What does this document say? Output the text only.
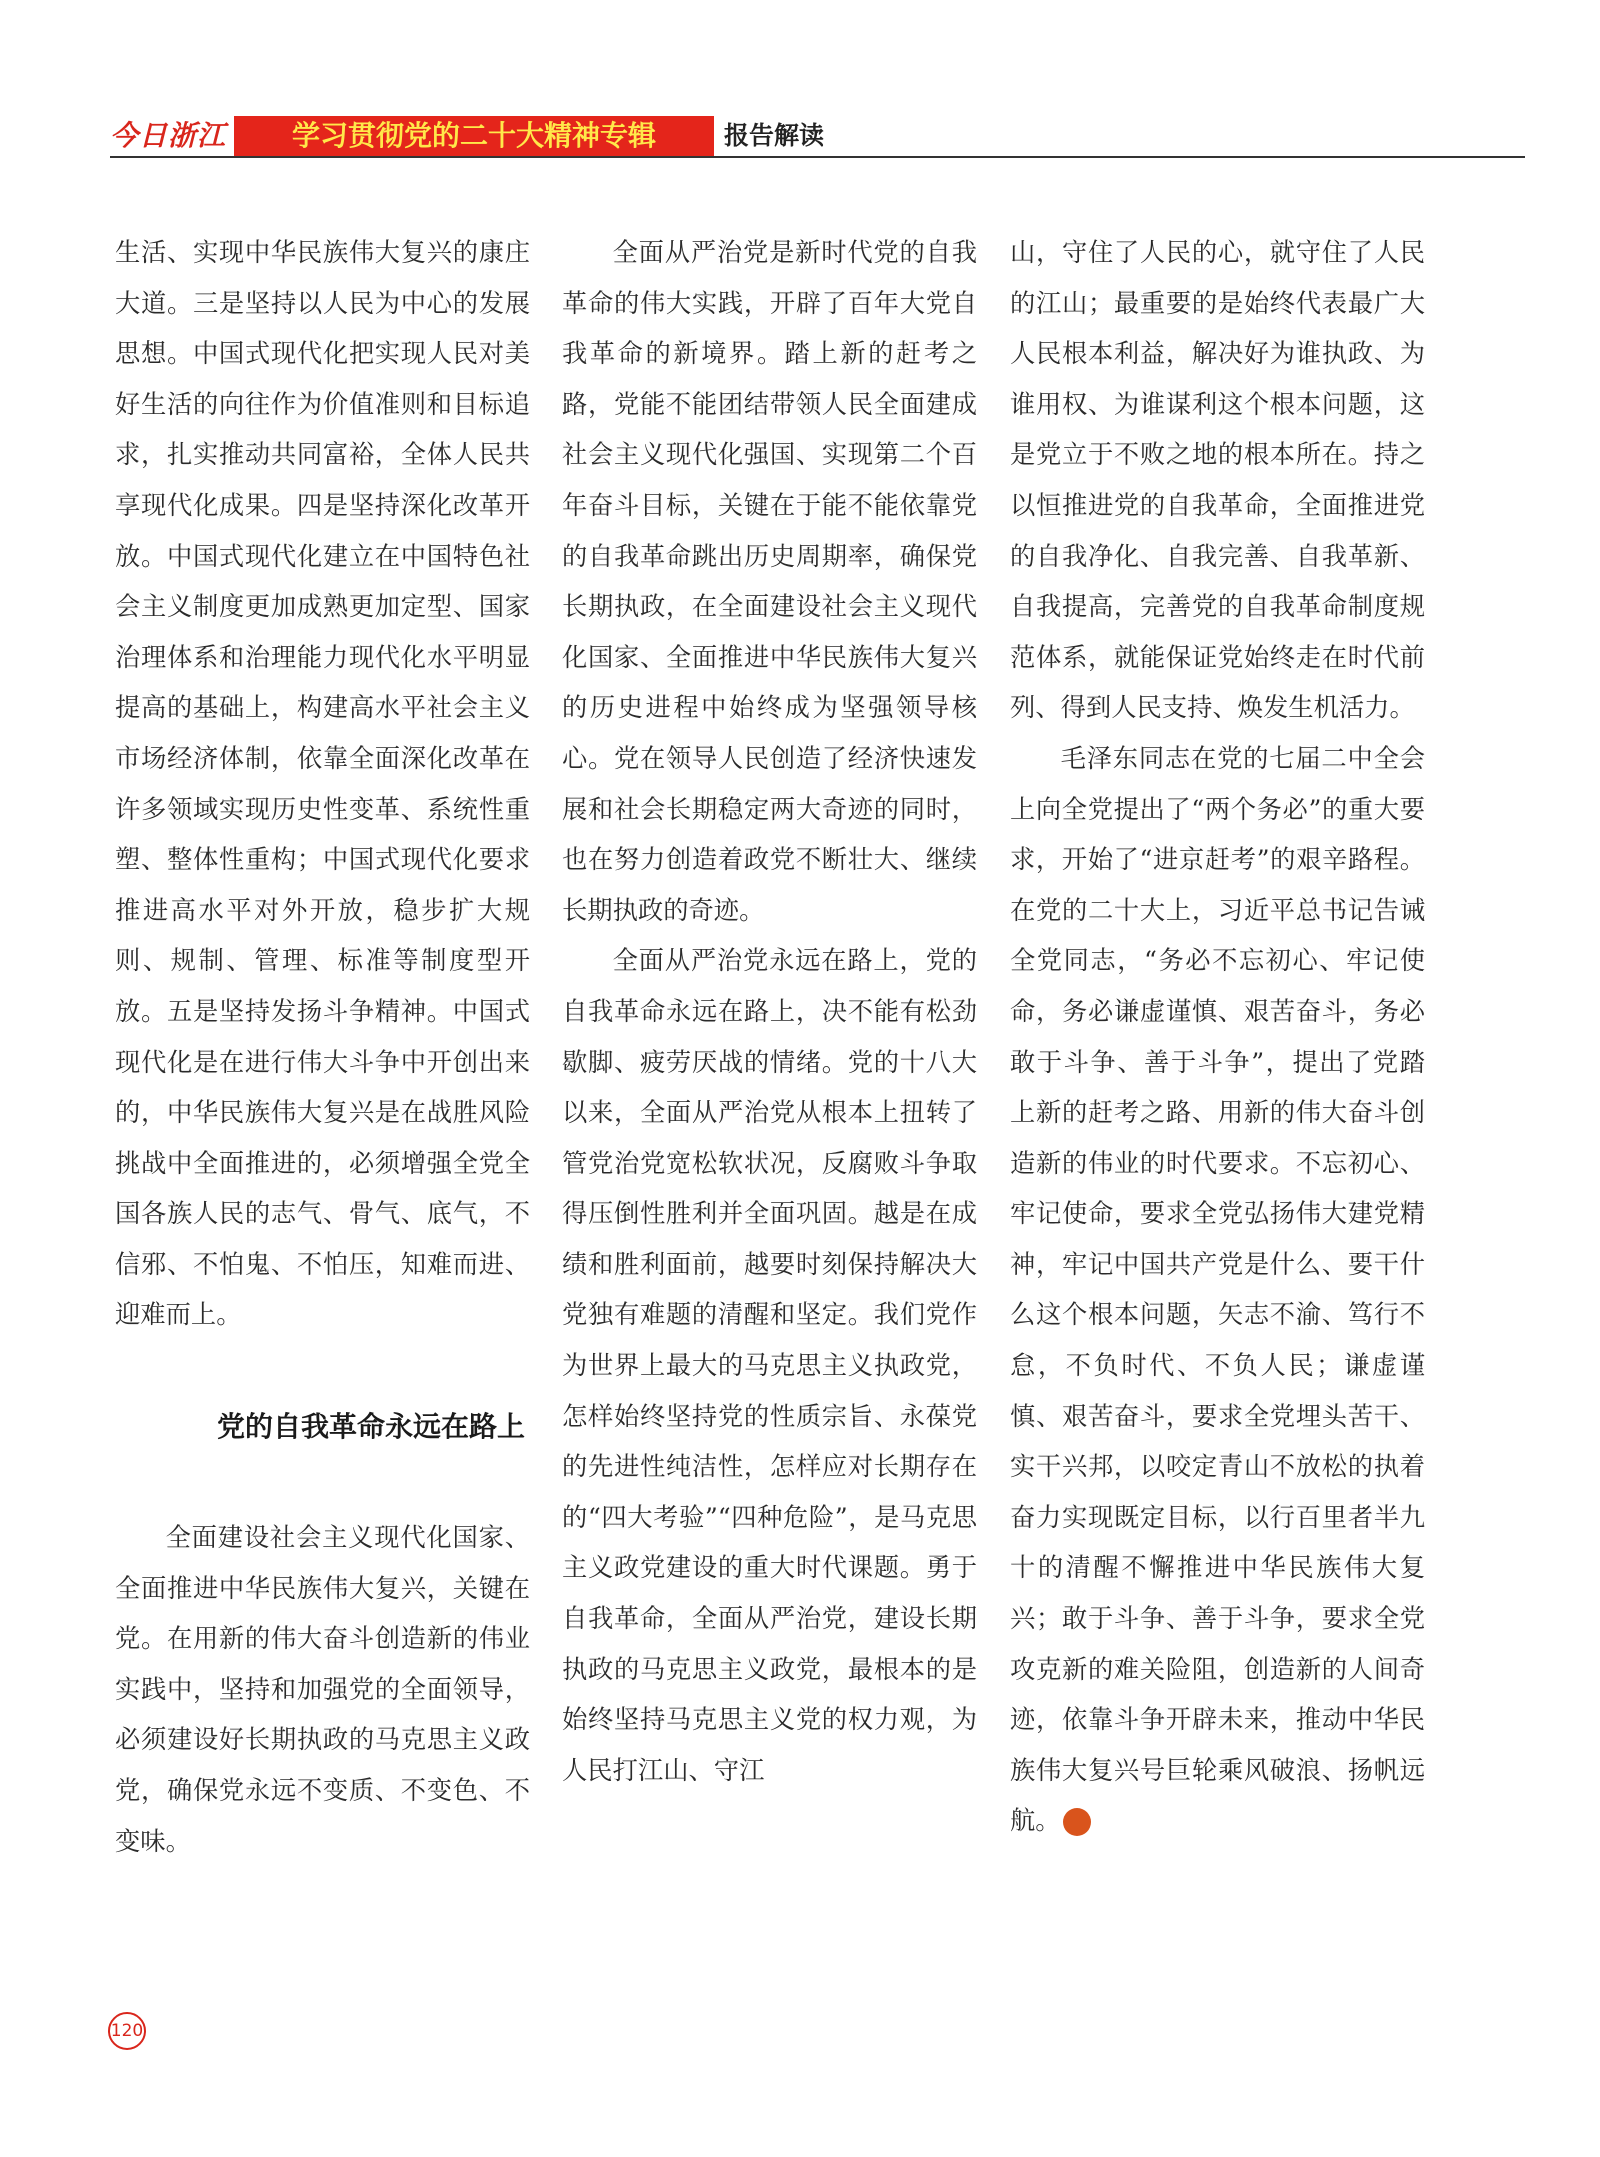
今日浙江	学习贯彻党的二十大精神专辑	报告解读

生活、实现中华民族伟大复兴的康庄大道。三是坚持以人民为中心的发展思想。中国式现代化把实现人民对美好生活的向往作为价值准则和目标追求，扎实推动共同富裕，全体人民共享现代化成果。四是坚持深化改革开放。中国式现代化建立在中国特色社会主义制度更加成熟更加定型、国家治理体系和治理能力现代化水平明显提高的基础上，构建高水平社会主义市场经济体制，依靠全面深化改革在许多领域实现历史性变革、系统性重塑、整体性重构；中国式现代化要求推进高水平对外开放，稳步扩大规则、规制、管理、标准等制度型开放。五是坚持发扬斗争精神。中国式现代化是在进行伟大斗争中开创出来的，中华民族伟大复兴是在战胜风险挑战中全面推进的，必须增强全党全国各族人民的志气、骨气、底气，不信邪、不怕鬼、不怕压，知难而进、迎难而上。

党的自我革命永远在路上

全面建设社会主义现代化国家、全面推进中华民族伟大复兴，关键在党。在用新的伟大奋斗创造新的伟业实践中，坚持和加强党的全面领导，必须建设好长期执政的马克思主义政党，确保党永远不变质、不变色、不变味。

全面从严治党是新时代党的自我革命的伟大实践，开辟了百年大党自我革命的新境界。踏上新的赶考之路，党能不能团结带领人民全面建成社会主义现代化强国、实现第二个百年奋斗目标，关键在于能不能依靠党的自我革命跳出历史周期率，确保党长期执政，在全面建设社会主义现代化国家、全面推进中华民族伟大复兴的历史进程中始终成为坚强领导核心。党在领导人民创造了经济快速发展和社会长期稳定两大奇迹的同时，也在努力创造着政党不断壮大、继续长期执政的奇迹。

全面从严治党永远在路上，党的自我革命永远在路上，决不能有松劲歇脚、疲劳厌战的情绪。党的十八大以来，全面从严治党从根本上扭转了管党治党宽松软状况，反腐败斗争取得压倒性胜利并全面巩固。越是在成绩和胜利面前，越要时刻保持解决大党独有难题的清醒和坚定。我们党作为世界上最大的马克思主义执政党，怎样始终坚持党的性质宗旨、永葆党的先进性纯洁性，怎样应对长期存在的“四大考验”“四种危险”，是马克思主义政党建设的重大时代课题。勇于自我革命，全面从严治党，建设长期执政的马克思主义政党，最根本的是始终坚持马克思主义党的权力观，为人民打江山、守江

山，守住了人民的心，就守住了人民的江山；最重要的是始终代表最广大人民根本利益，解决好为谁执政、为谁用权、为谁谋利这个根本问题，这是党立于不败之地的根本所在。持之以恒推进党的自我革命，全面推进党的自我净化、自我完善、自我革新、自我提高，完善党的自我革命制度规范体系，就能保证党始终走在时代前列、得到人民支持、焕发生机活力。

毛泽东同志在党的七届二中全会上向全党提出了“两个务必”的重大要求，开始了“进京赶考”的艰辛路程。在党的二十大上，习近平总书记告诫全党同志，“务必不忘初心、牢记使命，务必谦虚谨慎、艰苦奋斗，务必敢于斗争、善于斗争”，提出了党踏上新的赶考之路、用新的伟大奋斗创造新的伟业的时代要求。不忘初心、牢记使命，要求全党弘扬伟大建党精神，牢记中国共产党是什么、要干什么这个根本问题，矢志不渝、笃行不怠，不负时代、不负人民；谦虚谨慎、艰苦奋斗，要求全党埋头苦干、实干兴邦，以咬定青山不放松的执着奋力实现既定目标，以行百里者半九十的清醒不懈推进中华民族伟大复兴；敢于斗争、善于斗争，要求全党攻克新的难关险阻，创造新的人间奇迹，依靠斗争开辟未来，推动中华民族伟大复兴号巨轮乘风破浪、扬帆远航。	今

120
